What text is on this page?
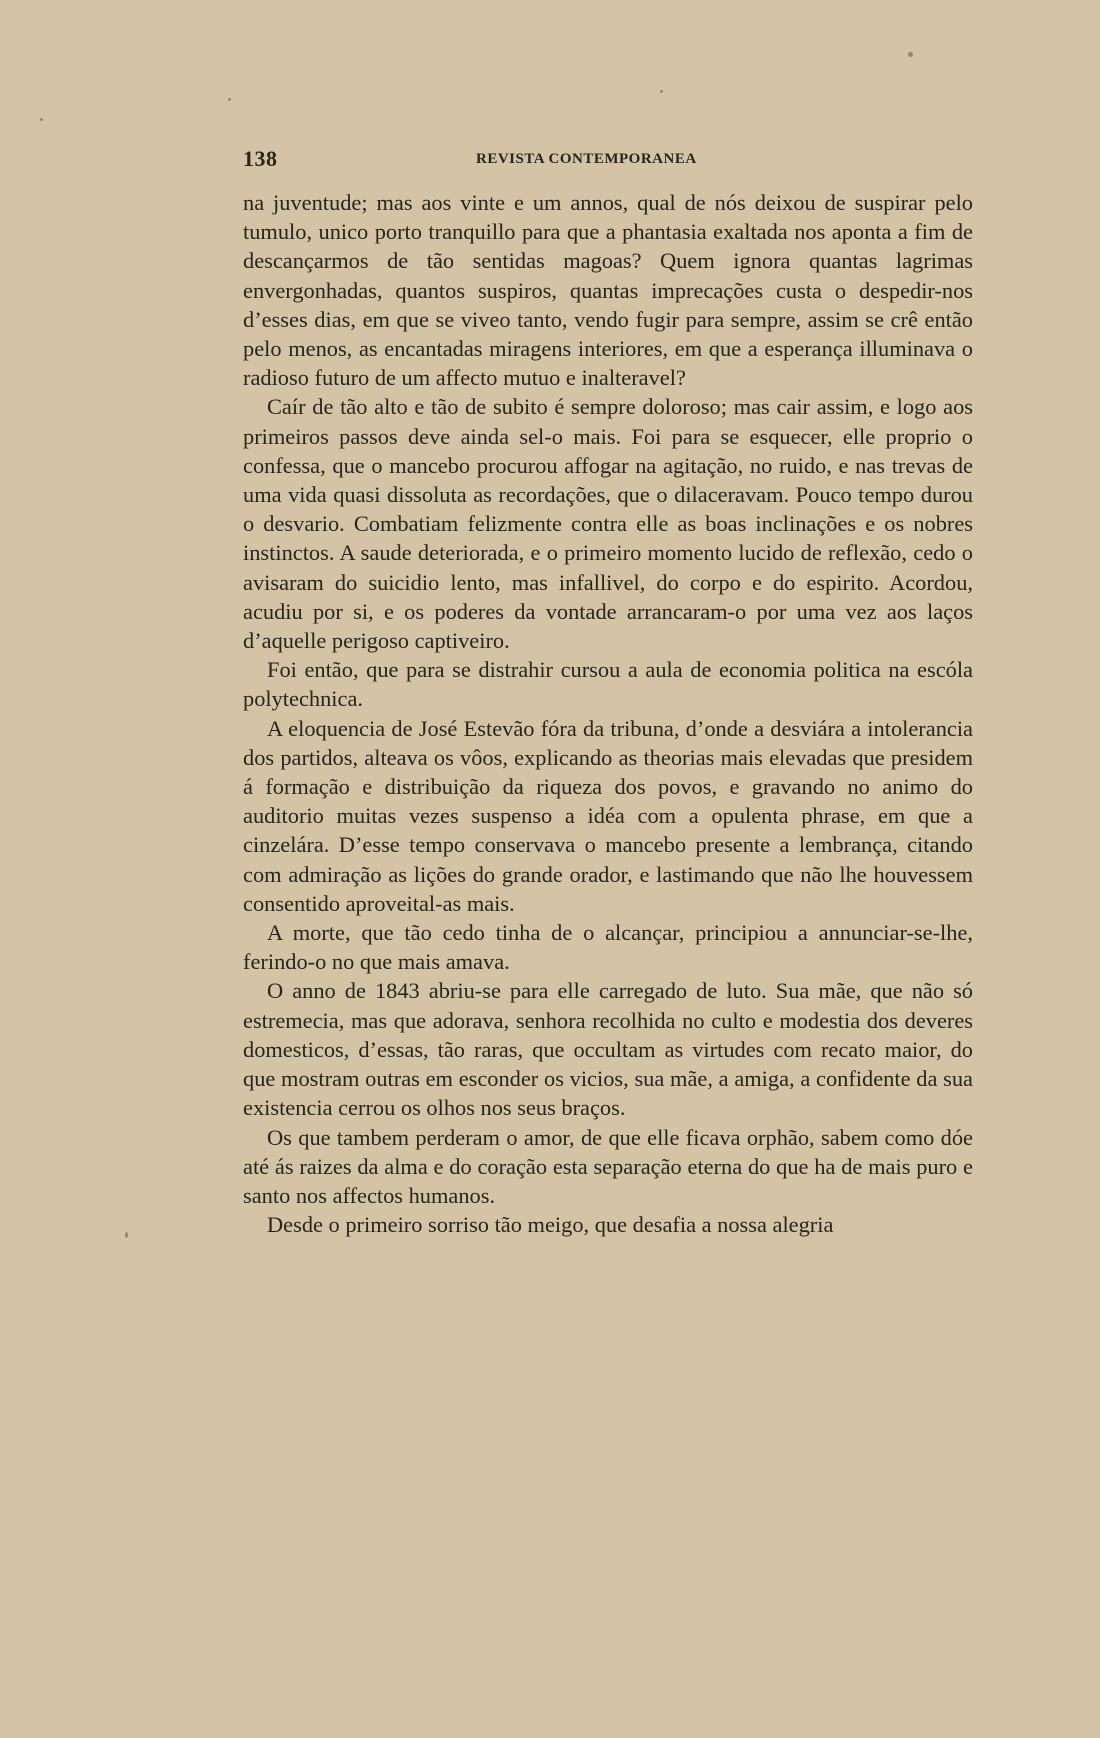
138	REVISTA CONTEMPORANEA

na juventude; mas aos vinte e um annos, qual de nós deixou de suspirar pelo tumulo, unico porto tranquillo para que a phantasia exaltada nos aponta a fim de descançarmos de tão sentidas magoas? Quem ignora quantas lagrimas envergonhadas, quantos suspiros, quantas imprecações custa o despedir-nos d’esses dias, em que se viveo tanto, vendo fugir para sempre, assim se crê então pelo menos, as encantadas miragens interiores, em que a esperança illuminava o radioso futuro de um affecto mutuo e inalteravel?

Caír de tão alto e tão de subito é sempre doloroso; mas cair assim, e logo aos primeiros passos deve ainda sel-o mais. Foi para se esquecer, elle proprio o confessa, que o mancebo procurou affogar na agitação, no ruido, e nas trevas de uma vida quasi dissoluta as recordações, que o dilaceravam. Pouco tempo durou o desvario. Combatiam felizmente contra elle as boas inclinações e os nobres instinctos. A saude deteriorada, e o primeiro momento lucido de reflexão, cedo o avisaram do suicidio lento, mas infallivel, do corpo e do espirito. Acordou, acudiu por si, e os poderes da vontade arrancaram-o por uma vez aos laços d’aquelle perigoso captiveiro.

Foi então, que para se distrahir cursou a aula de economia politica na escóla polytechnica.

A eloquencia de José Estevão fóra da tribuna, d’onde a desviára a intolerancia dos partidos, alteava os vôos, explicando as theorias mais elevadas que presidem á formação e distribuição da riqueza dos povos, e gravando no animo do auditorio muitas vezes suspenso a idéa com a opulenta phrase, em que a cinzelára. D’esse tempo conservava o mancebo presente a lembrança, citando com admiração as lições do grande orador, e lastimando que não lhe houvessem consentido aproveital-as mais.

A morte, que tão cedo tinha de o alcançar, principiou a annunciar-se-lhe, ferindo-o no que mais amava.

O anno de 1843 abriu-se para elle carregado de luto. Sua mãe, que não só estremecia, mas que adorava, senhora recolhida no culto e modestia dos deveres domesticos, d’essas, tão raras, que occultam as virtudes com recato maior, do que mostram outras em esconder os vicios, sua mãe, a amiga, a confidente da sua existencia cerrou os olhos nos seus braços.

Os que tambem perderam o amor, de que elle ficava orphão, sabem como dóe até ás raizes da alma e do coração esta separação eterna do que ha de mais puro e santo nos affectos humanos.

Desde o primeiro sorriso tão meigo, que desafia a nossa alegria
